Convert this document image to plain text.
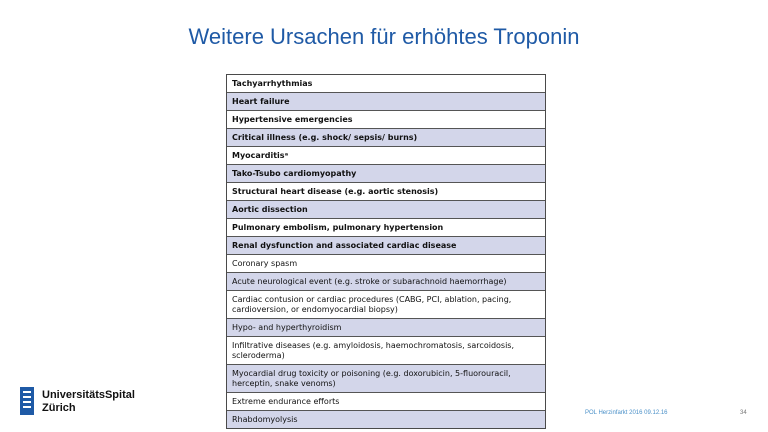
Weitere Ursachen für erhöhtes Troponin
Tachyarrhythmias
Heart failure
Hypertensive emergencies
Critical illness (e.g. shock/ sepsis/ burns)
Myocarditisᵃ
Tako-Tsubo cardiomyopathy
Structural heart disease (e.g. aortic stenosis)
Aortic dissection
Pulmonary embolism, pulmonary hypertension
Renal dysfunction and associated cardiac disease
Coronary spasm
Acute neurological event (e.g. stroke or subarachnoid haemorrhage)
Cardiac contusion or cardiac procedures (CABG, PCI, ablation, pacing, cardioversion, or endomyocardial biopsy)
Hypo- and hyperthyroidism
Infiltrative diseases (e.g. amyloidosis, haemochromatosis, sarcoidosis, scleroderma)
Myocardial drug toxicity or poisoning (e.g. doxorubicin, 5-fluorouracil, herceptin, snake venoms)
Extreme endurance efforts
Rhabdomyolysis
UniversitätsSpital
Zürich	POL Herzinfarkt 2016 09.12.16	34
